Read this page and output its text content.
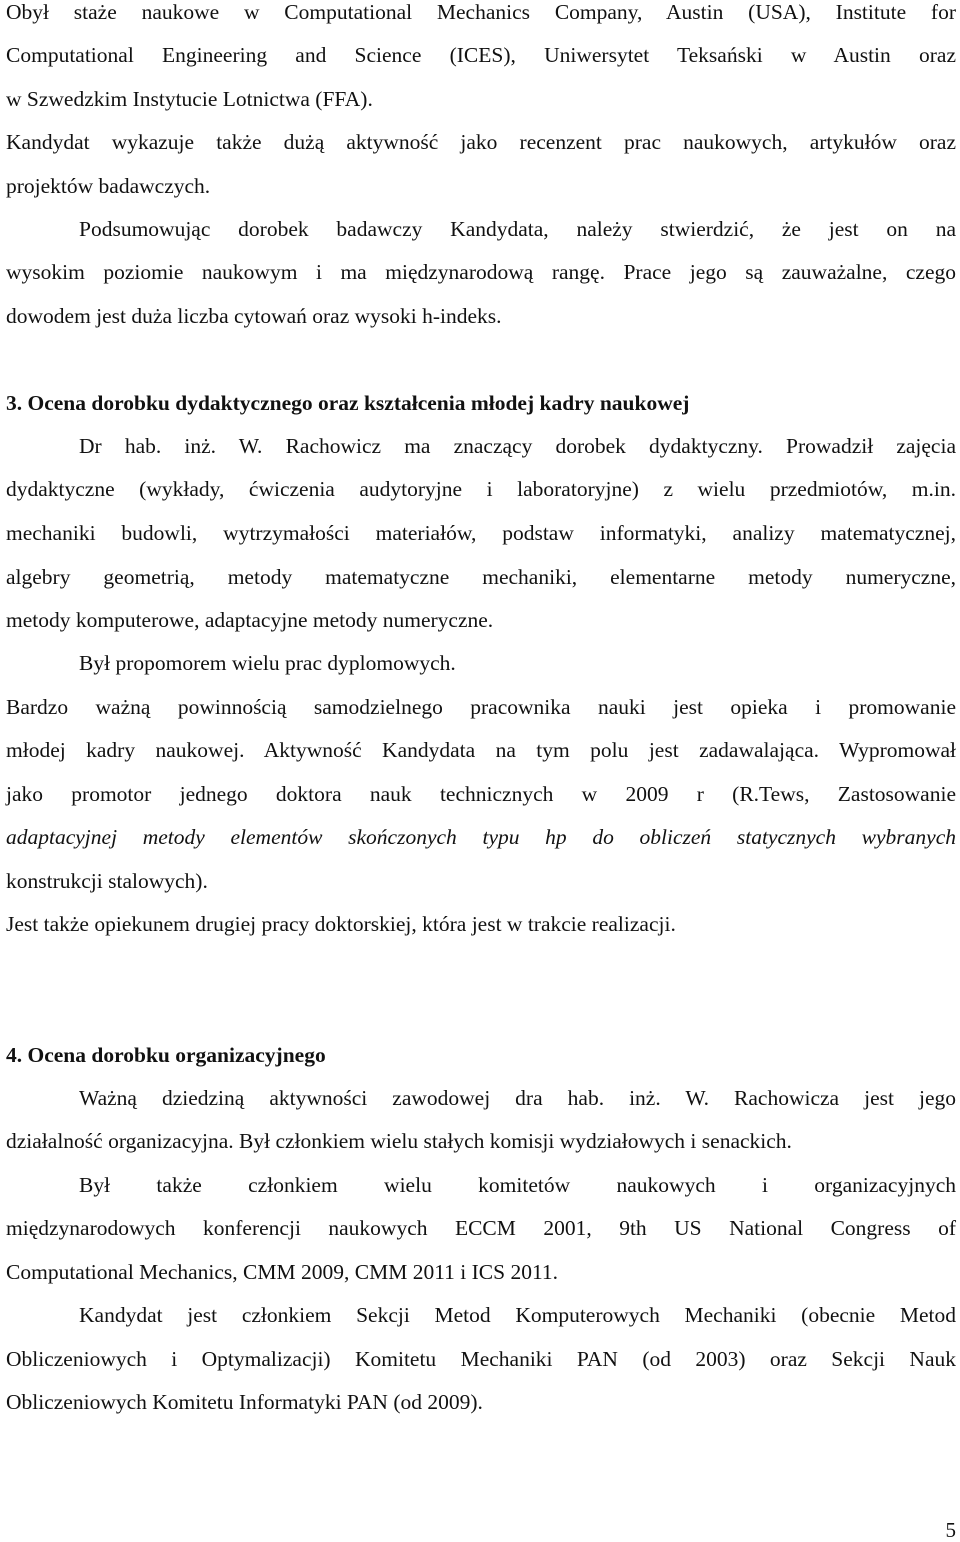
Obył staże naukowe w Computational Mechanics Company, Austin (USA), Institute for

Computational Engineering and Science (ICES), Uniwersytet Teksański w Austin oraz

w Szwedzkim Instytucie Lotnictwa (FFA).

Kandydat wykazuje także dużą aktywność jako recenzent prac naukowych, artykułów oraz

projektów badawczych.

Podsumowując dorobek badawczy Kandydata, należy stwierdzić, że jest on na

wysokim poziomie naukowym i ma międzynarodową rangę. Prace jego są zauważalne, czego

dowodem jest duża liczba cytowań oraz wysoki h-indeks.

3. Ocena dorobku dydaktycznego oraz kształcenia młodej kadry naukowej

Dr hab. inż. W. Rachowicz ma znaczący dorobek dydaktyczny. Prowadził zajęcia

dydaktyczne (wykłady, ćwiczenia audytoryjne i laboratoryjne) z wielu przedmiotów, m.in.

mechaniki budowli, wytrzymałości materiałów, podstaw informatyki, analizy matematycznej,

algebry geometrią, metody matematyczne mechaniki, elementarne metody numeryczne,

metody komputerowe, adaptacyjne metody numeryczne.

Był propomorem wielu prac dyplomowych.

Bardzo ważną powinnością samodzielnego pracownika nauki jest opieka i promowanie

młodej kadry naukowej. Aktywność Kandydata na tym polu jest zadawalająca. Wypromował

jako promotor jednego doktora nauk technicznych w 2009 r (R.Tews, Zastosowanie

adaptacyjnej metody elementów skończonych typu hp do obliczeń statycznych wybranych

konstrukcji stalowych).

Jest także opiekunem drugiej pracy doktorskiej, która jest w trakcie realizacji.

4. Ocena dorobku organizacyjnego

Ważną dziedziną aktywności zawodowej dra hab. inż. W. Rachowicza jest jego

działalność organizacyjna. Był członkiem wielu stałych komisji wydziałowych i senackich.

Był także członkiem wielu komitetów naukowych i organizacyjnych

międzynarodowych konferencji naukowych ECCM 2001, 9th US National Congress of

Computational Mechanics, CMM 2009, CMM 2011 i ICS 2011.

Kandydat jest członkiem Sekcji Metod Komputerowych Mechaniki (obecnie Metod

Obliczeniowych i Optymalizacji) Komitetu Mechaniki PAN (od 2003) oraz Sekcji Nauk

Obliczeniowych Komitetu Informatyki PAN (od 2009).

5
